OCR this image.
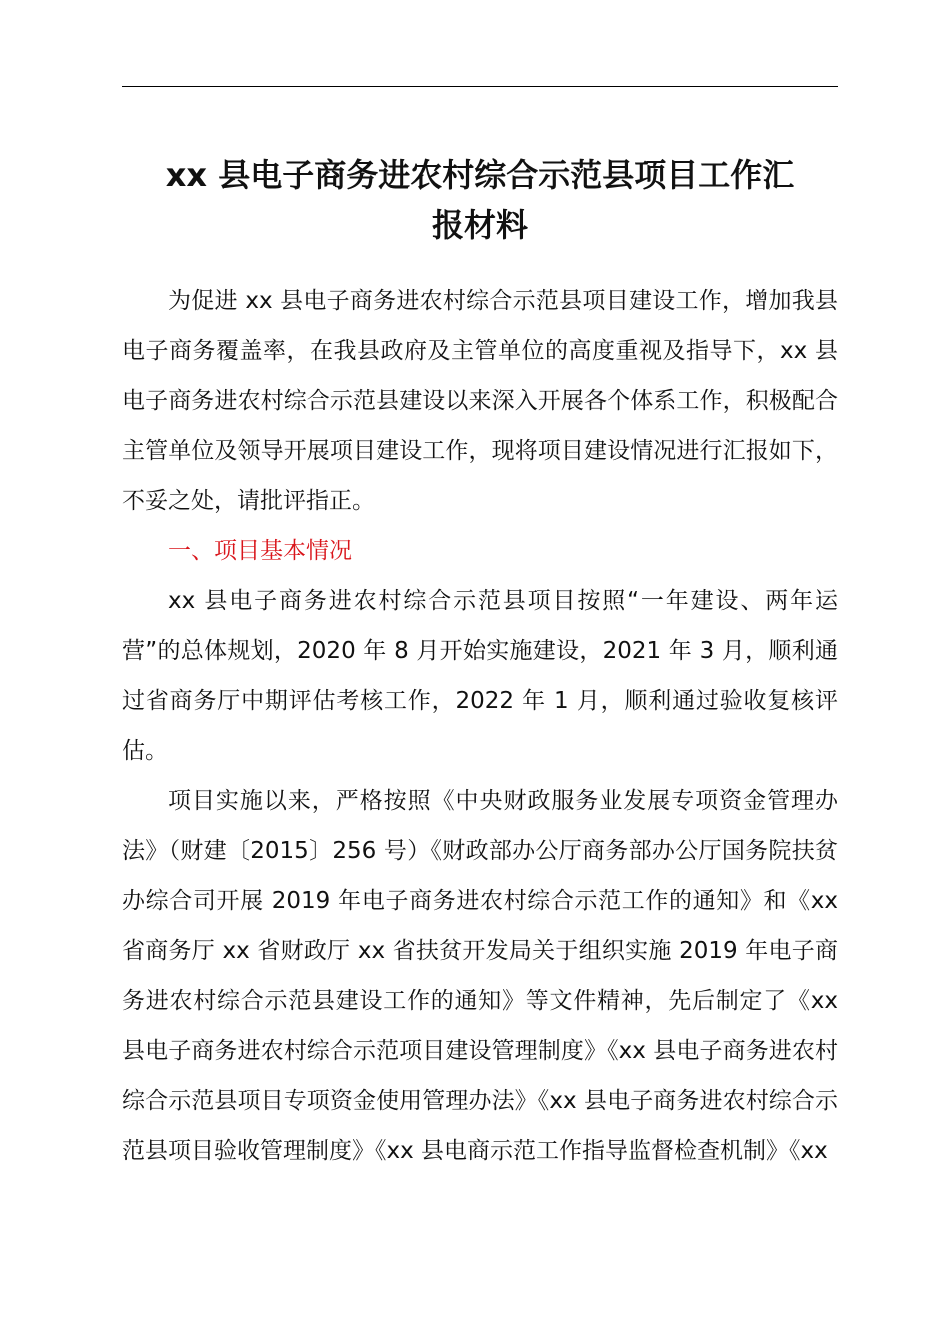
xx 县电子商务进农村综合示范县项目工作汇
报材料

为促进 xx 县电子商务进农村综合示范县项目建设工作，增加我县电子商务覆盖率，在我县政府及主管单位的高度重视及指导下，xx 县电子商务进农村综合示范县建设以来深入开展各个体系工作，积极配合主管单位及领导开展项目建设工作，现将项目建设情况进行汇报如下，不妥之处，请批评指正。

一、项目基本情况

xx 县电子商务进农村综合示范县项目按照“一年建设、两年运营”的总体规划，2020 年 8 月开始实施建设，2021 年 3 月，顺利通过省商务厅中期评估考核工作，2022 年 1 月，顺利通过验收复核评估。

项目实施以来，严格按照《中央财政服务业发展专项资金管理办法》（财建〔2015〕256 号）《财政部办公厅商务部办公厅国务院扶贫办综合司开展 2019 年电子商务进农村综合示范工作的通知》和《xx 省商务厅 xx 省财政厅 xx 省扶贫开发局关于组织实施 2019 年电子商务进农村综合示范县建设工作的通知》等文件精神，先后制定了《xx 县电子商务进农村综合示范项目建设管理制度》《xx 县电子商务进农村综合示范县项目专项资金使用管理办法》《xx 县电子商务进农村综合示范县项目验收管理制度》《xx 县电商示范工作指导监督检查机制》《xx
